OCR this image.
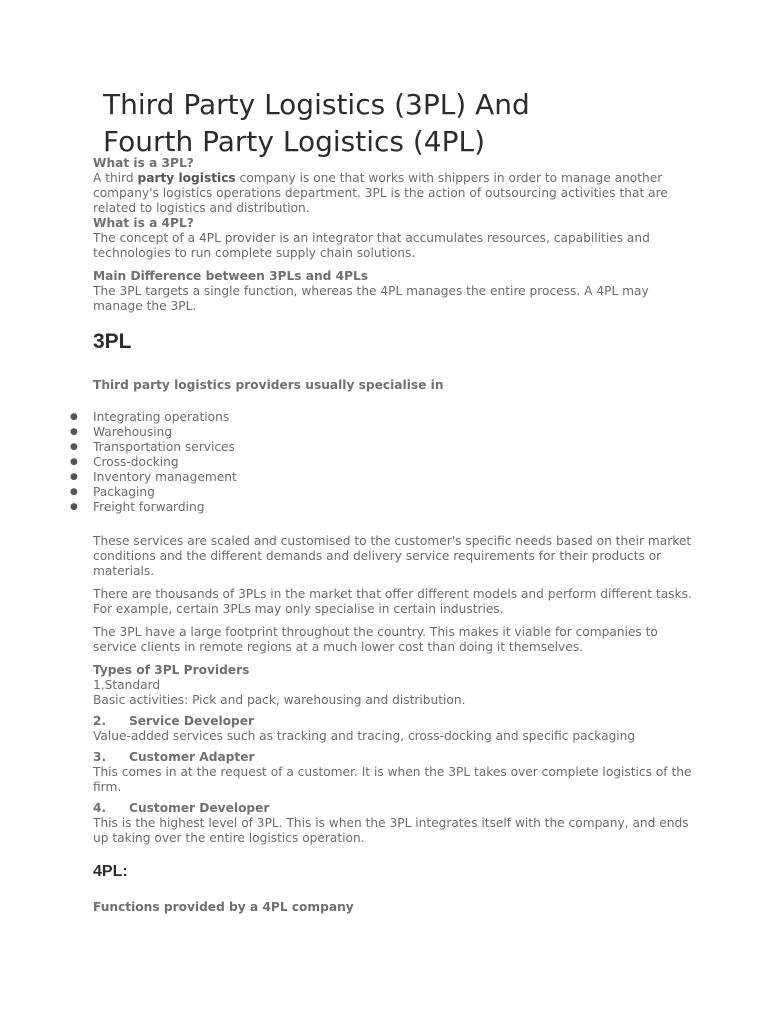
Third Party Logistics (3PL) And
Fourth Party Logistics (4PL)

What is a 3PL?

A third party logistics company is one that works with shippers in order to manage another company's logistics operations department. 3PL is the action of outsourcing activities that are related to logistics and distribution.

What is a 4PL?

The concept of a 4PL provider is an integrator that accumulates resources, capabilities and technologies to run complete supply chain solutions.

Main Difference between 3PLs and 4PLs

The 3PL targets a single function, whereas the 4PL manages the entire process. A 4PL may manage the 3PL.

3PL

Third party logistics providers usually specialise in

● Integrating operations
● Warehousing
● Transportation services
● Cross-docking
● Inventory management
● Packaging
● Freight forwarding

These services are scaled and customised to the customer's specific needs based on their market conditions and the different demands and delivery service requirements for their products or materials.

There are thousands of 3PLs in the market that offer different models and perform different tasks. For example, certain 3PLs may only specialise in certain industries.

The 3PL have a large footprint throughout the country. This makes it viable for companies to service clients in remote regions at a much lower cost than doing it themselves.

Types of 3PL Providers

1.Standard

Basic activities: Pick and pack, warehousing and distribution.

2. Service Developer

Value-added services such as tracking and tracing, cross-docking and specific packaging

3. Customer Adapter

This comes in at the request of a customer. It is when the 3PL takes over complete logistics of the firm.

4. Customer Developer

This is the highest level of 3PL. This is when the 3PL integrates itself with the company, and ends up taking over the entire logistics operation.

4PL:

Functions provided by a 4PL company
